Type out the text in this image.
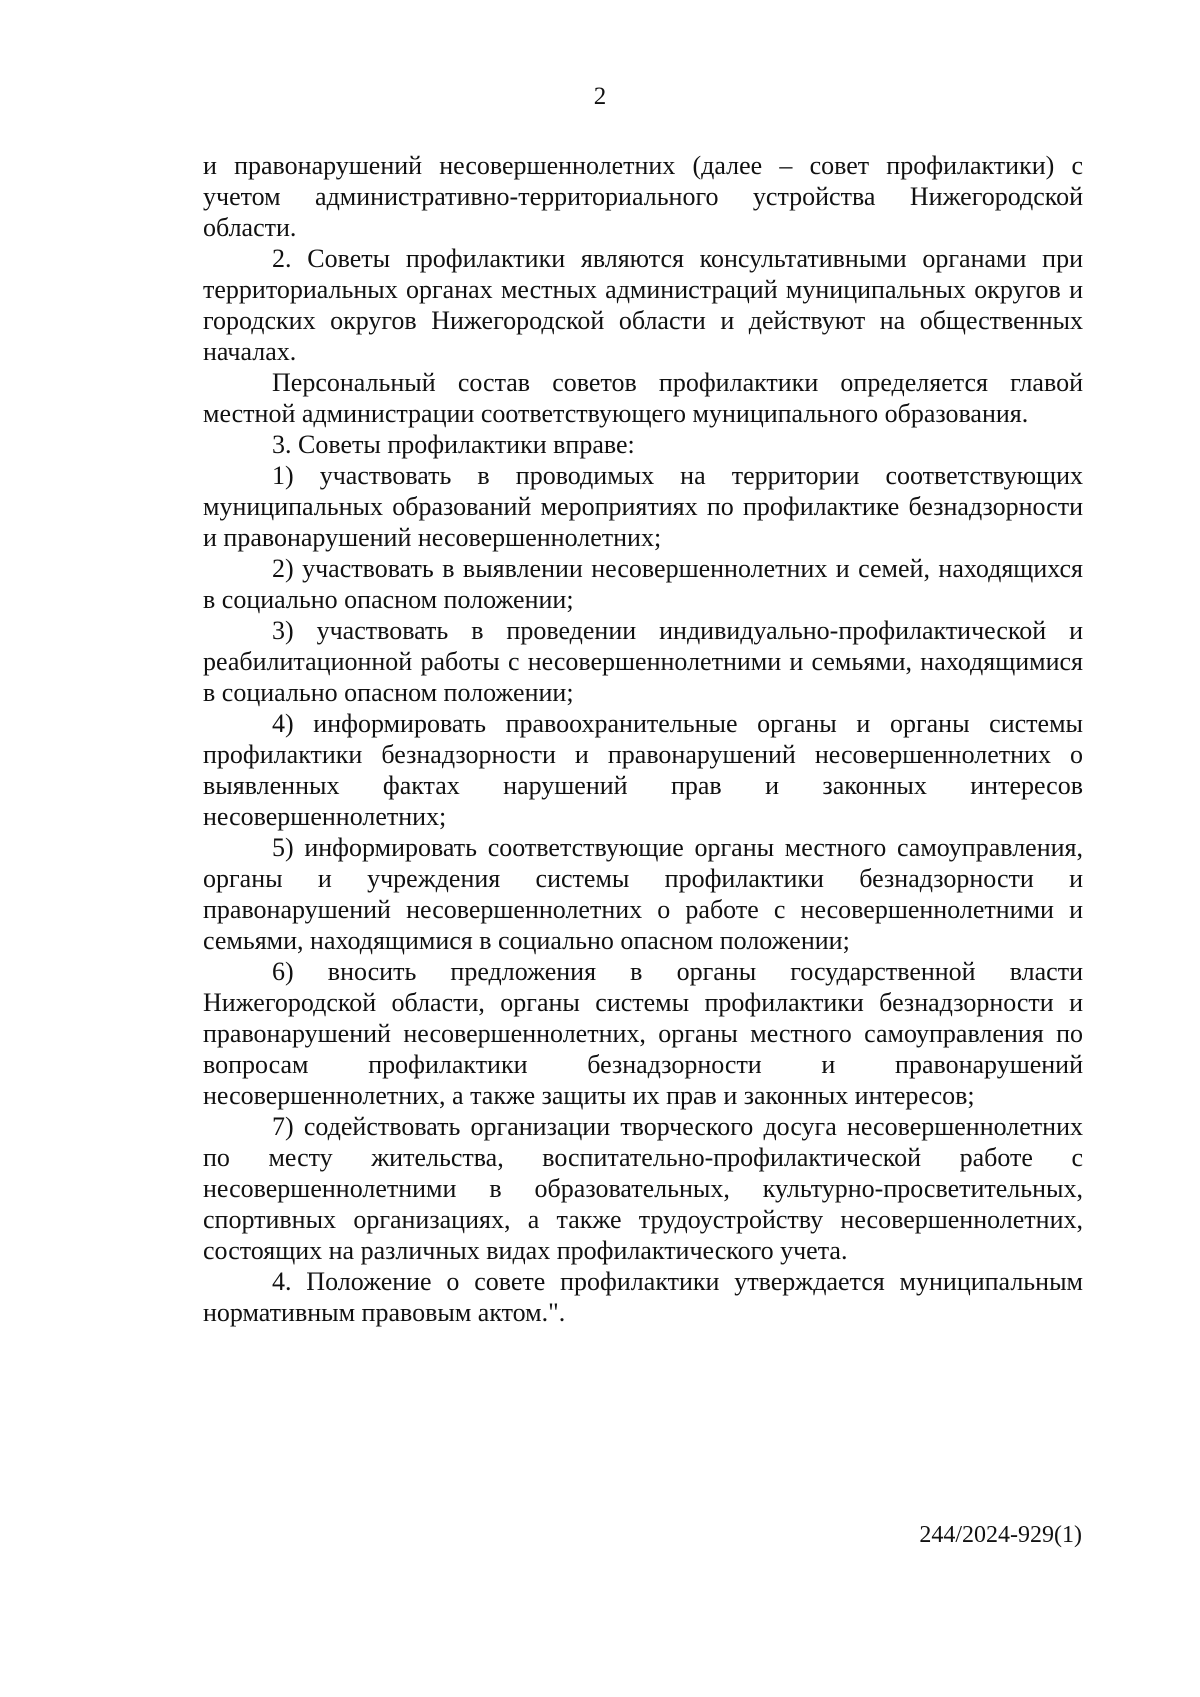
2

и правонарушений несовершеннолетних (далее – совет профилактики) с учетом административно-территориального устройства Нижегородской области.

2. Советы профилактики являются консультативными органами при территориальных органах местных администраций муниципальных округов и городских округов Нижегородской области и действуют на общественных началах.

Персональный состав советов профилактики определяется главой местной администрации соответствующего муниципального образования.

3. Советы профилактики вправе:

1) участвовать в проводимых на территории соответствующих муниципальных образований мероприятиях по профилактике безнадзорности и правонарушений несовершеннолетних;

2) участвовать в выявлении несовершеннолетних и семей, находящихся в социально опасном положении;

3) участвовать в проведении индивидуально-профилактической и реабилитационной работы с несовершеннолетними и семьями, находящимися в социально опасном положении;

4) информировать правоохранительные органы и органы системы профилактики безнадзорности и правонарушений несовершеннолетних о выявленных фактах нарушений прав и законных интересов несовершеннолетних;

5) информировать соответствующие органы местного самоуправления, органы и учреждения системы профилактики безнадзорности и правонарушений несовершеннолетних о работе с несовершеннолетними и семьями, находящимися в социально опасном положении;

6) вносить предложения в органы государственной власти Нижегородской области, органы системы профилактики безнадзорности и правонарушений несовершеннолетних, органы местного самоуправления по вопросам профилактики безнадзорности и правонарушений несовершеннолетних, а также защиты их прав и законных интересов;

7) содействовать организации творческого досуга несовершеннолетних по месту жительства, воспитательно-профилактической работе с несовершеннолетними в образовательных, культурно-просветительных, спортивных организациях, а также трудоустройству несовершеннолетних, состоящих на различных видах профилактического учета.

4. Положение о совете профилактики утверждается муниципальным нормативным правовым актом.".

244/2024-929(1)
